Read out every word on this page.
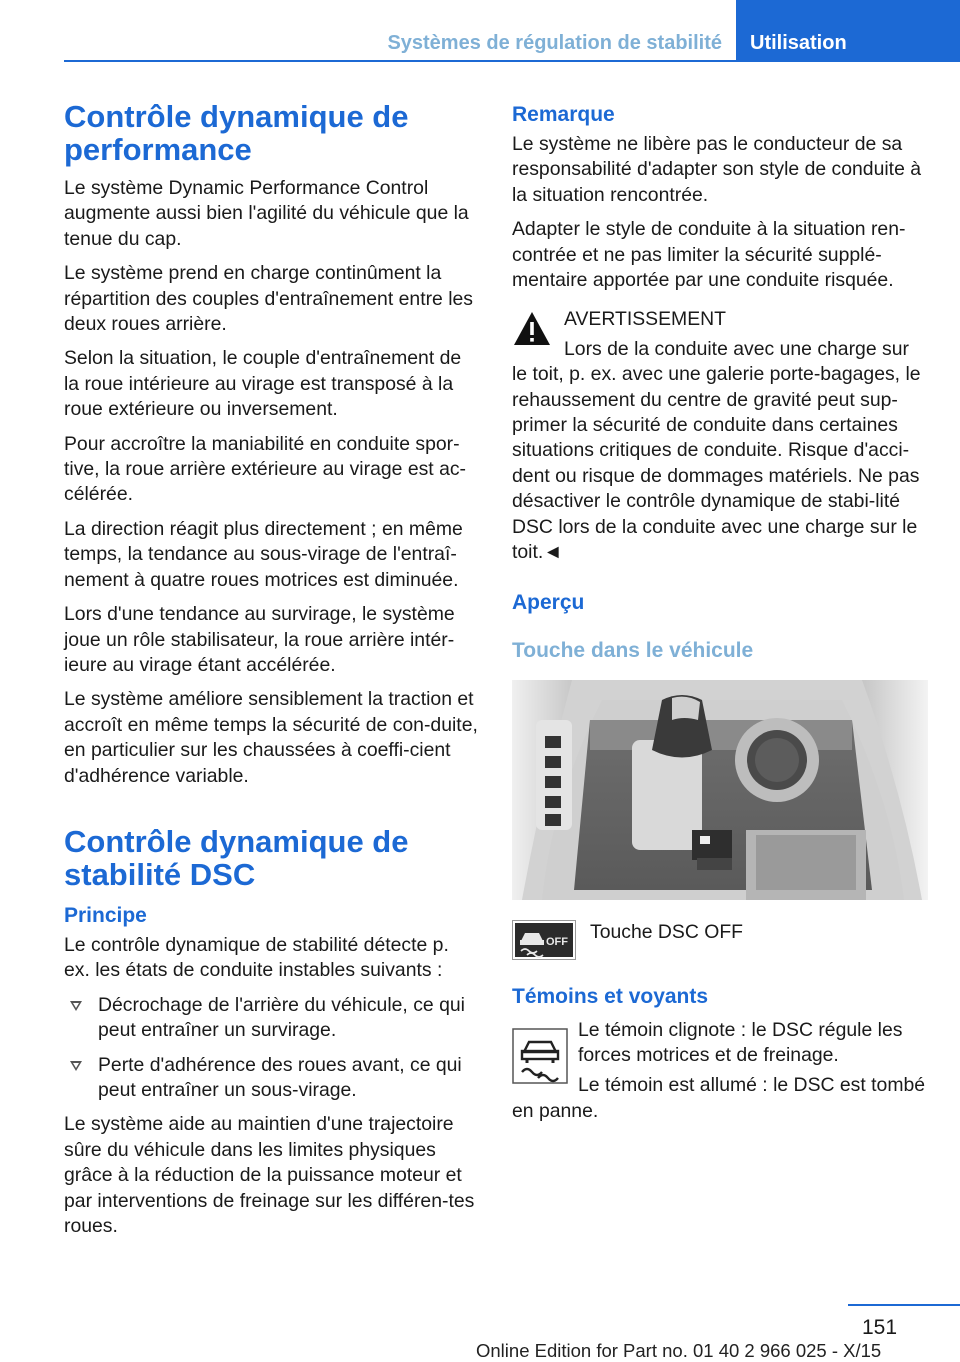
Systèmes de régulation de stabilité	Utilisation
Contrôle dynamique de performance

Le système Dynamic Performance Control augmente aussi bien l'agilité du véhicule que la tenue du cap.

Le système prend en charge continûment la répartition des couples d'entraînement entre les deux roues arrière.

Selon la situation, le couple d'entraînement de la roue intérieure au virage est transposé à la roue extérieure ou inversement.

Pour accroître la maniabilité en conduite spor‐tive, la roue arrière extérieure au virage est ac‐célérée.

La direction réagit plus directement ; en même temps, la tendance au sous-virage de l'entraî‐nement à quatre roues motrices est diminuée.

Lors d'une tendance au survirage, le système joue un rôle stabilisateur, la roue arrière intér‐ieure au virage étant accélérée.

Le système améliore sensiblement la traction et accroît en même temps la sécurité de con‐duite, en particulier sur les chaussées à coeffi‐cient d'adhérence variable.

Contrôle dynamique de stabilité DSC
Principe

Le contrôle dynamique de stabilité détecte p. ex. les états de conduite instables suivants :

Décrochage de l'arrière du véhicule, ce qui peut entraîner un survirage.
Perte d'adhérence des roues avant, ce qui peut entraîner un sous-virage.

Le système aide au maintien d'une trajectoire sûre du véhicule dans les limites physiques grâce à la réduction de la puissance moteur et par interventions de freinage sur les différen‐tes roues.

Remarque

Le système ne libère pas le conducteur de sa responsabilité d'adapter son style de conduite à la situation rencontrée.

Adapter le style de conduite à la situation ren‐contrée et ne pas limiter la sécurité supplé‐mentaire apportée par une conduite risquée.

AVERTISSEMENT

Lors de la conduite avec une charge sur le toit, p. ex. avec une galerie porte-bagages, le rehaussement du centre de gravité peut sup‐primer la sécurité de conduite dans certaines situations critiques de conduite. Risque d'acci‐dent ou risque de dommages matériels. Ne pas désactiver le contrôle dynamique de stabi‐lité DSC lors de la conduite avec une charge sur le toit.◄

Aperçu
Touche dans le véhicule
OFF	Touche DSC OFF
Témoins et voyants

Le témoin clignote : le DSC régule les forces motrices et de freinage.

Le témoin est allumé : le DSC est tombé en panne.

151
Online Edition for Part no. 01 40 2 966 025 - X/15
